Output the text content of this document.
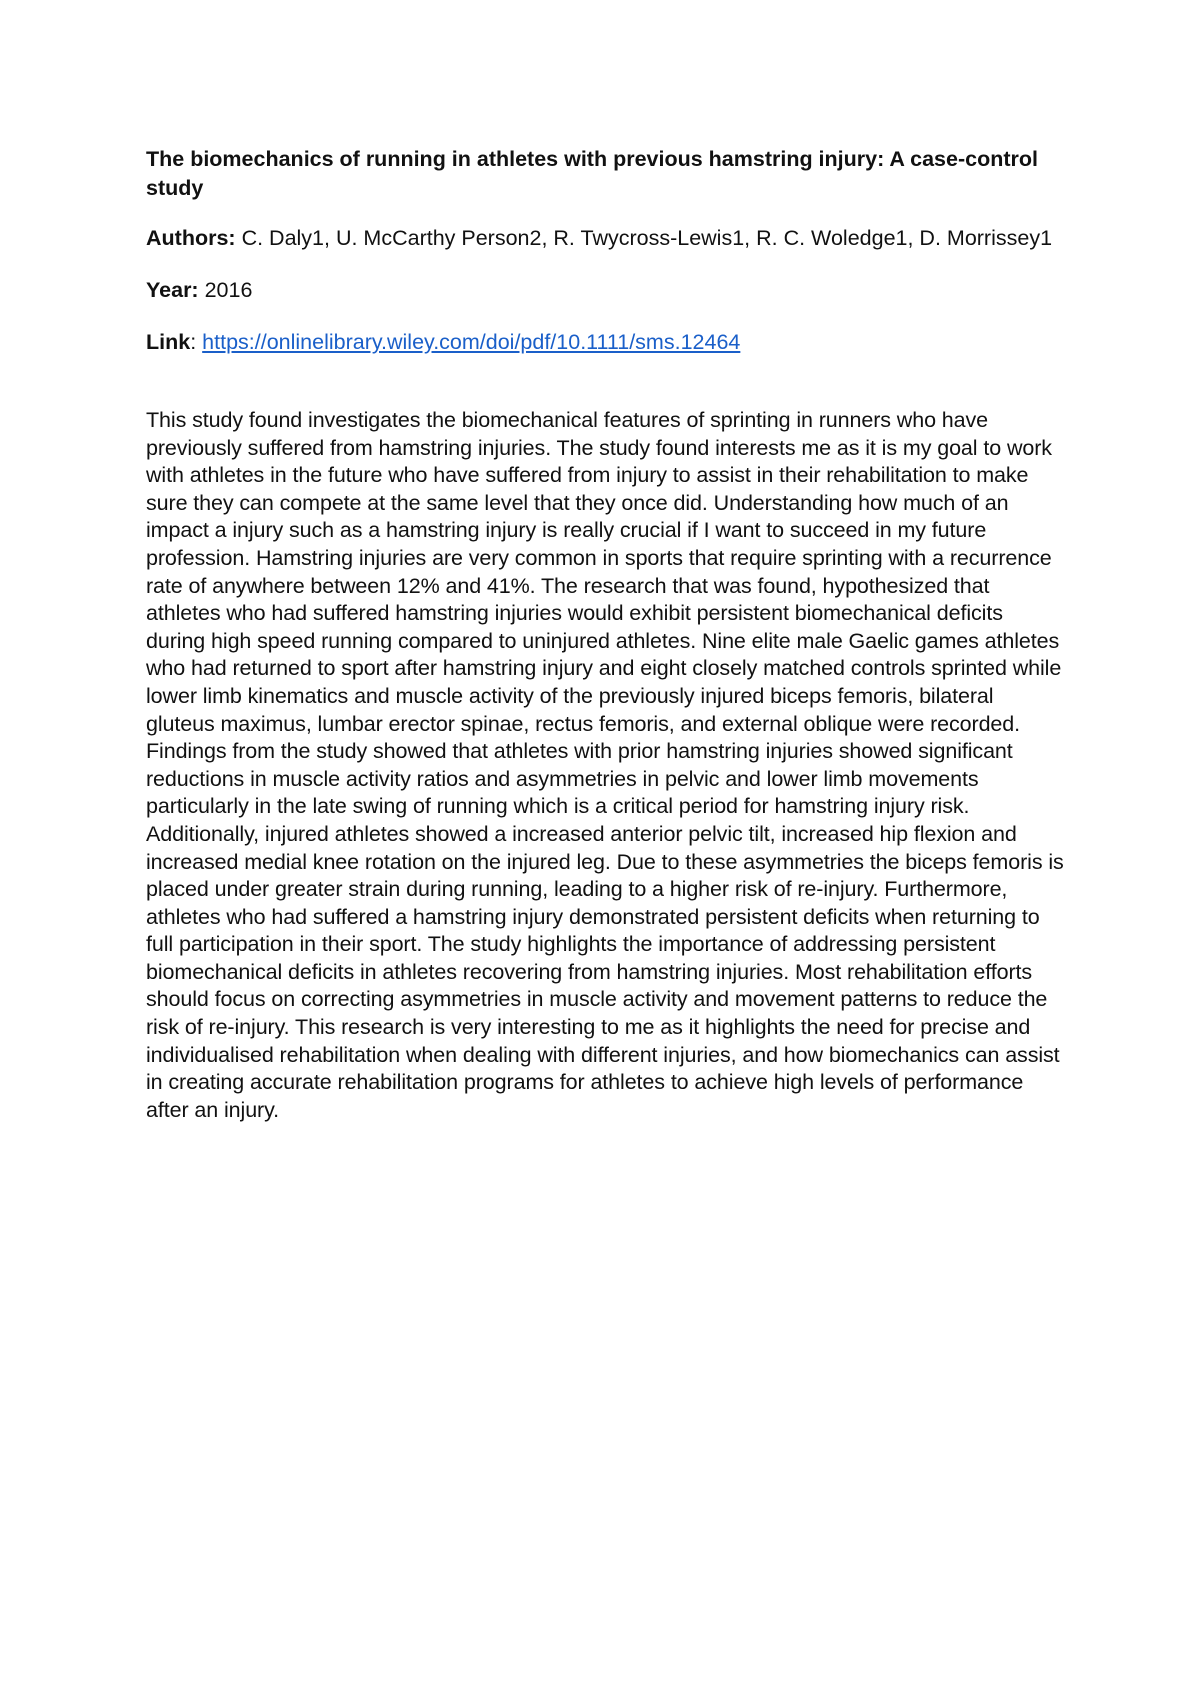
The biomechanics of running in athletes with previous hamstring injury: A case-control study

Authors: C. Daly1, U. McCarthy Person2, R. Twycross-Lewis1, R. C. Woledge1, D. Morrissey1

Year: 2016

Link: https://onlinelibrary.wiley.com/doi/pdf/10.1111/sms.12464

This study found investigates the biomechanical features of sprinting in runners who have previously suffered from hamstring injuries. The study found interests me as it is my goal to work with athletes in the future who have suffered from injury to assist in their rehabilitation to make sure they can compete at the same level that they once did. Understanding how much of an impact a injury such as a hamstring injury is really crucial if I want to succeed in my future profession. Hamstring injuries are very common in sports that require sprinting with a recurrence rate of anywhere between 12% and 41%. The research that was found, hypothesized that athletes who had suffered hamstring injuries would exhibit persistent biomechanical deficits during high speed running compared to uninjured athletes. Nine elite male Gaelic games athletes who had returned to sport after hamstring injury and eight closely matched controls sprinted while lower limb kinematics and muscle activity of the previously injured biceps femoris, bilateral gluteus maximus, lumbar erector spinae, rectus femoris, and external oblique were recorded. Findings from the study showed that athletes with prior hamstring injuries showed significant reductions in muscle activity ratios and asymmetries in pelvic and lower limb movements particularly in the late swing of running which is a critical period for hamstring injury risk. Additionally, injured athletes showed a increased anterior pelvic tilt, increased hip flexion and increased medial knee rotation on the injured leg. Due to these asymmetries the biceps femoris is placed under greater strain during running, leading to a higher risk of re-injury. Furthermore, athletes who had suffered a hamstring injury demonstrated persistent deficits when returning to full participation in their sport. The study highlights the importance of addressing persistent biomechanical deficits in athletes recovering from hamstring injuries. Most rehabilitation efforts should focus on correcting asymmetries in muscle activity and movement patterns to reduce the risk of re-injury. This research is very interesting to me as it highlights the need for precise and individualised rehabilitation when dealing with different injuries, and how biomechanics can assist in creating accurate rehabilitation programs for athletes to achieve high levels of performance after an injury.
